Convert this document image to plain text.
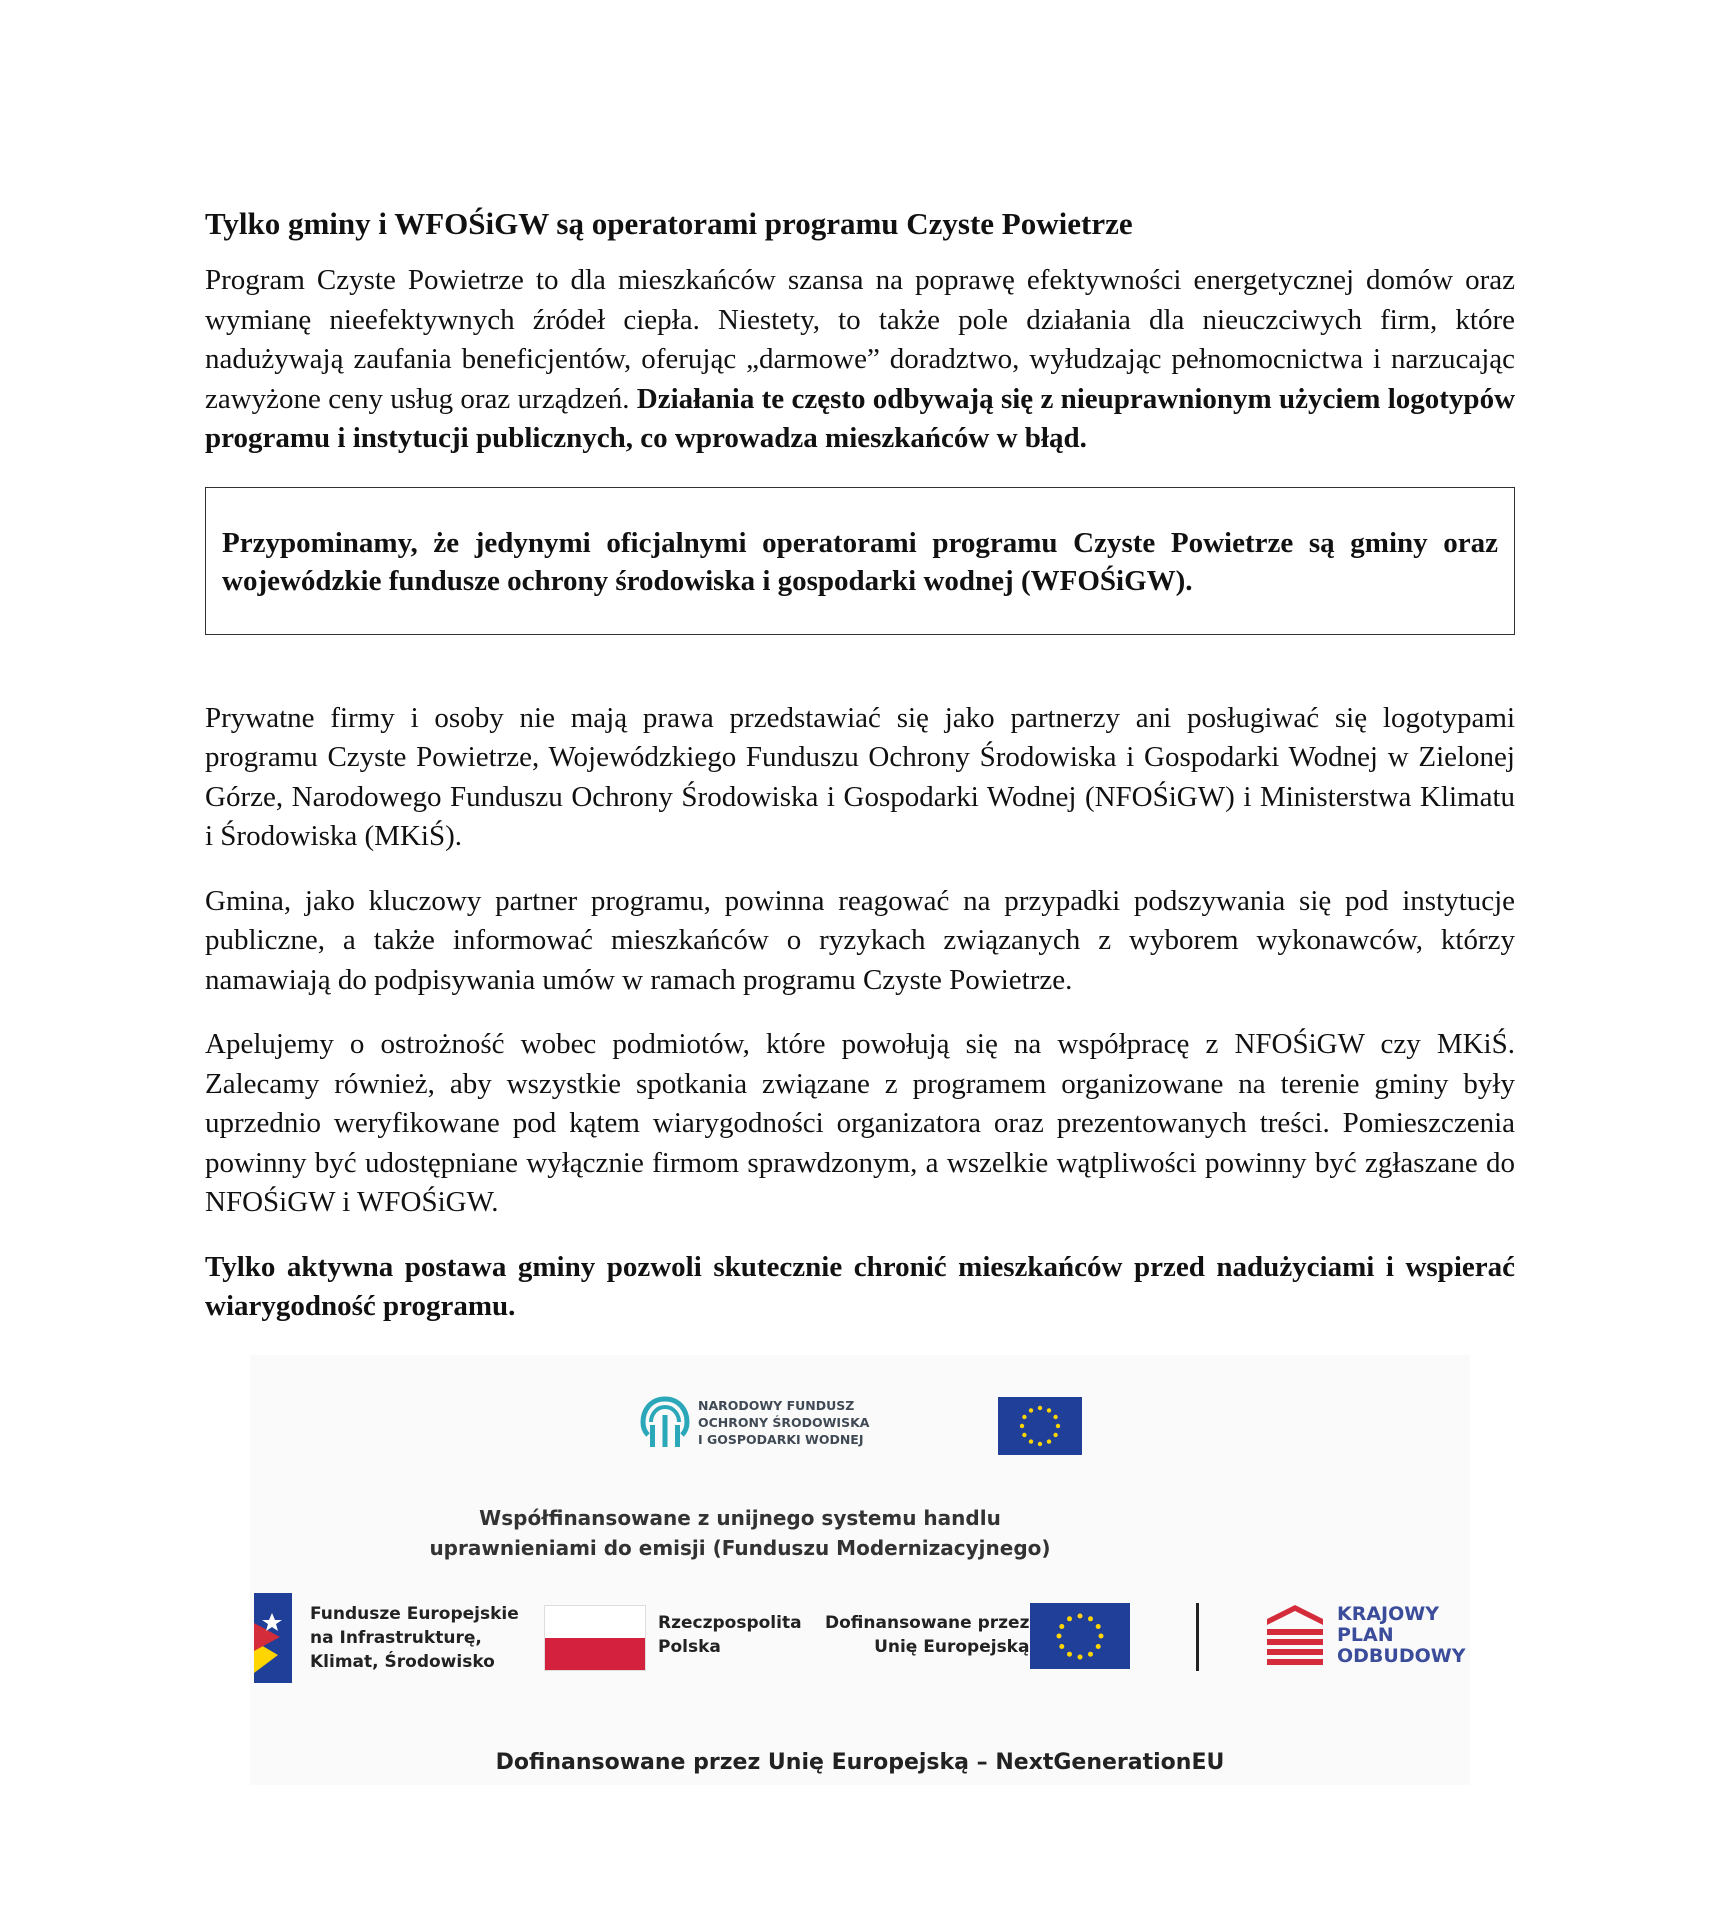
Tylko gminy i WFOŚiGW są operatorami programu Czyste Powietrze

Program Czyste Powietrze to dla mieszkańców szansa na poprawę efektywności energetycznej domów oraz wymianę nieefektywnych źródeł ciepła. Niestety, to także pole działania dla nieuczciwych firm, które nadużywają zaufania beneficjentów, oferując „darmowe” doradztwo, wyłudzając pełnomocnictwa i narzucając zawyżone ceny usług oraz urządzeń. Działania te często odbywają się z nieuprawnionym użyciem logotypów programu i instytucji publicznych, co wprowadza mieszkańców w błąd.

Przypominamy, że jedynymi oficjalnymi operatorami programu Czyste Powietrze są gminy oraz wojewódzkie fundusze ochrony środowiska i gospodarki wodnej (WFOŚiGW).

Prywatne firmy i osoby nie mają prawa przedstawiać się jako partnerzy ani posługiwać się logotypami programu Czyste Powietrze, Wojewódzkiego Funduszu Ochrony Środowiska i Gospodarki Wodnej w Zielonej Górze, Narodowego Funduszu Ochrony Środowiska i Gospodarki Wodnej (NFOŚiGW) i Ministerstwa Klimatu i Środowiska (MKiŚ).

Gmina, jako kluczowy partner programu, powinna reagować na przypadki podszywania się pod instytucje publiczne, a także informować mieszkańców o ryzykach związanych z wyborem wykonawców, którzy namawiają do podpisywania umów w ramach programu Czyste Powietrze.

Apelujemy o ostrożność wobec podmiotów, które powołują się na współpracę z NFOŚiGW czy MKiŚ. Zalecamy również, aby wszystkie spotkania związane z programem organizowane na terenie gminy były uprzednio weryfikowane pod kątem wiarygodności organizatora oraz prezentowanych treści. Pomieszczenia powinny być udostępniane wyłącznie firmom sprawdzonym, a wszelkie wątpliwości powinny być zgłaszane do NFOŚiGW i WFOŚiGW.

Tylko aktywna postawa gminy pozwoli skutecznie chronić mieszkańców przed nadużyciami i wspierać wiarygodność programu.

NARODOWY FUNDUSZ
OCHRONY ŚRODOWISKA
I GOSPODARKI WODNEJ
Współfinansowane z unijnego systemu handlu
uprawnieniami do emisji (Funduszu Modernizacyjnego)
Fundusze Europejskie
na Infrastrukturę,
Klimat, Środowisko
Rzeczpospolita
Polska
Dofinansowane przez
Unię Europejską
KRAJOWY
PLAN
ODBUDOWY
Dofinansowane przez Unię Europejską – NextGenerationEU
